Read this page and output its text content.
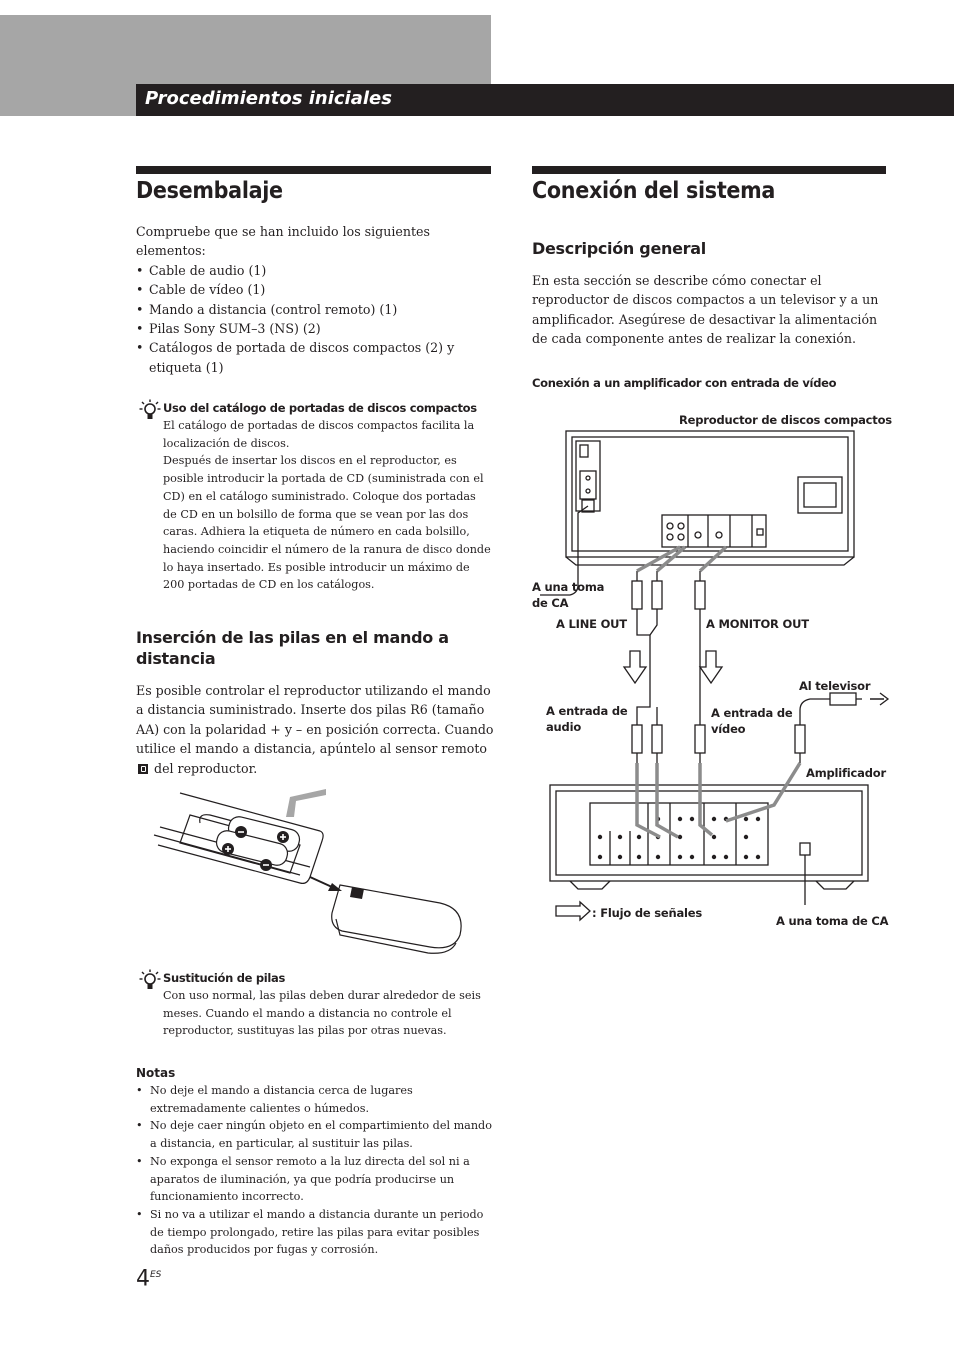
Procedimientos iniciales
Desembalaje

Compruebe que se han incluido los siguientes elementos:

• Cable de audio (1)
• Cable de vídeo (1)
• Mando a distancia (control remoto) (1)
• Pilas Sony SUM–3 (NS) (2)
• Catálogos de portada de discos compactos (2) y etiqueta (1)
Uso del catálogo de portadas de discos compactos

El catálogo de portadas de discos compactos facilita la localización de discos.

Después de insertar los discos en el reproductor, es posible introducir la portada de CD (suministrada con el CD) en el catálogo suministrado. Coloque dos portadas de CD en un bolsillo de forma que se vean por las dos caras. Adhiera la etiqueta de número en cada bolsillo, haciendo coincidir el número de la ranura de disco donde lo haya insertado. Es posible introducir un máximo de 200 portadas de CD en los catálogos.

Inserción de las pilas en el mando a distancia

Es posible controlar el reproductor utilizando el mando a distancia suministrado. Inserte dos pilas R6 (tamaño AA) con la polaridad + y – en posición correcta. Cuando utilice el mando a distancia, apúntelo al sensor remoto  del reproductor.

Sustitución de pilas
Con uso normal, las pilas deben durar alrededor de seis meses. Cuando el mando a distancia no controle el reproductor, sustituyas las pilas por otras nuevas.
Notas
• No deje el mando a distancia cerca de lugares extremadamente calientes o húmedos.
• No deje caer ningún objeto en el compartimiento del mando a distancia, en particular, al sustituir las pilas.
• No exponga el sensor remoto a la luz directa del sol ni a aparatos de iluminación, ya que podría producirse un funcionamiento incorrecto.
• Si no va a utilizar el mando a distancia durante un periodo de tiempo prolongado, retire las pilas para evitar posibles daños producidos por fugas y corrosión.
Conexión del sistema
Descripción general
En esta sección se describe cómo conectar el reproductor de discos compactos a un televisor y a un amplificador. Asegúrese de desactivar la alimentación de cada componente antes de realizar la conexión.
Conexión a un amplificador con entrada de vídeo
Reproductor de discos compactos
A una toma
de CA
A LINE OUT	A MONITOR OUT
Al televisor
A entrada de
audio
A entrada de
vídeo
Amplificador
: Flujo de señales
A una toma de CA
$4^{ES}$
